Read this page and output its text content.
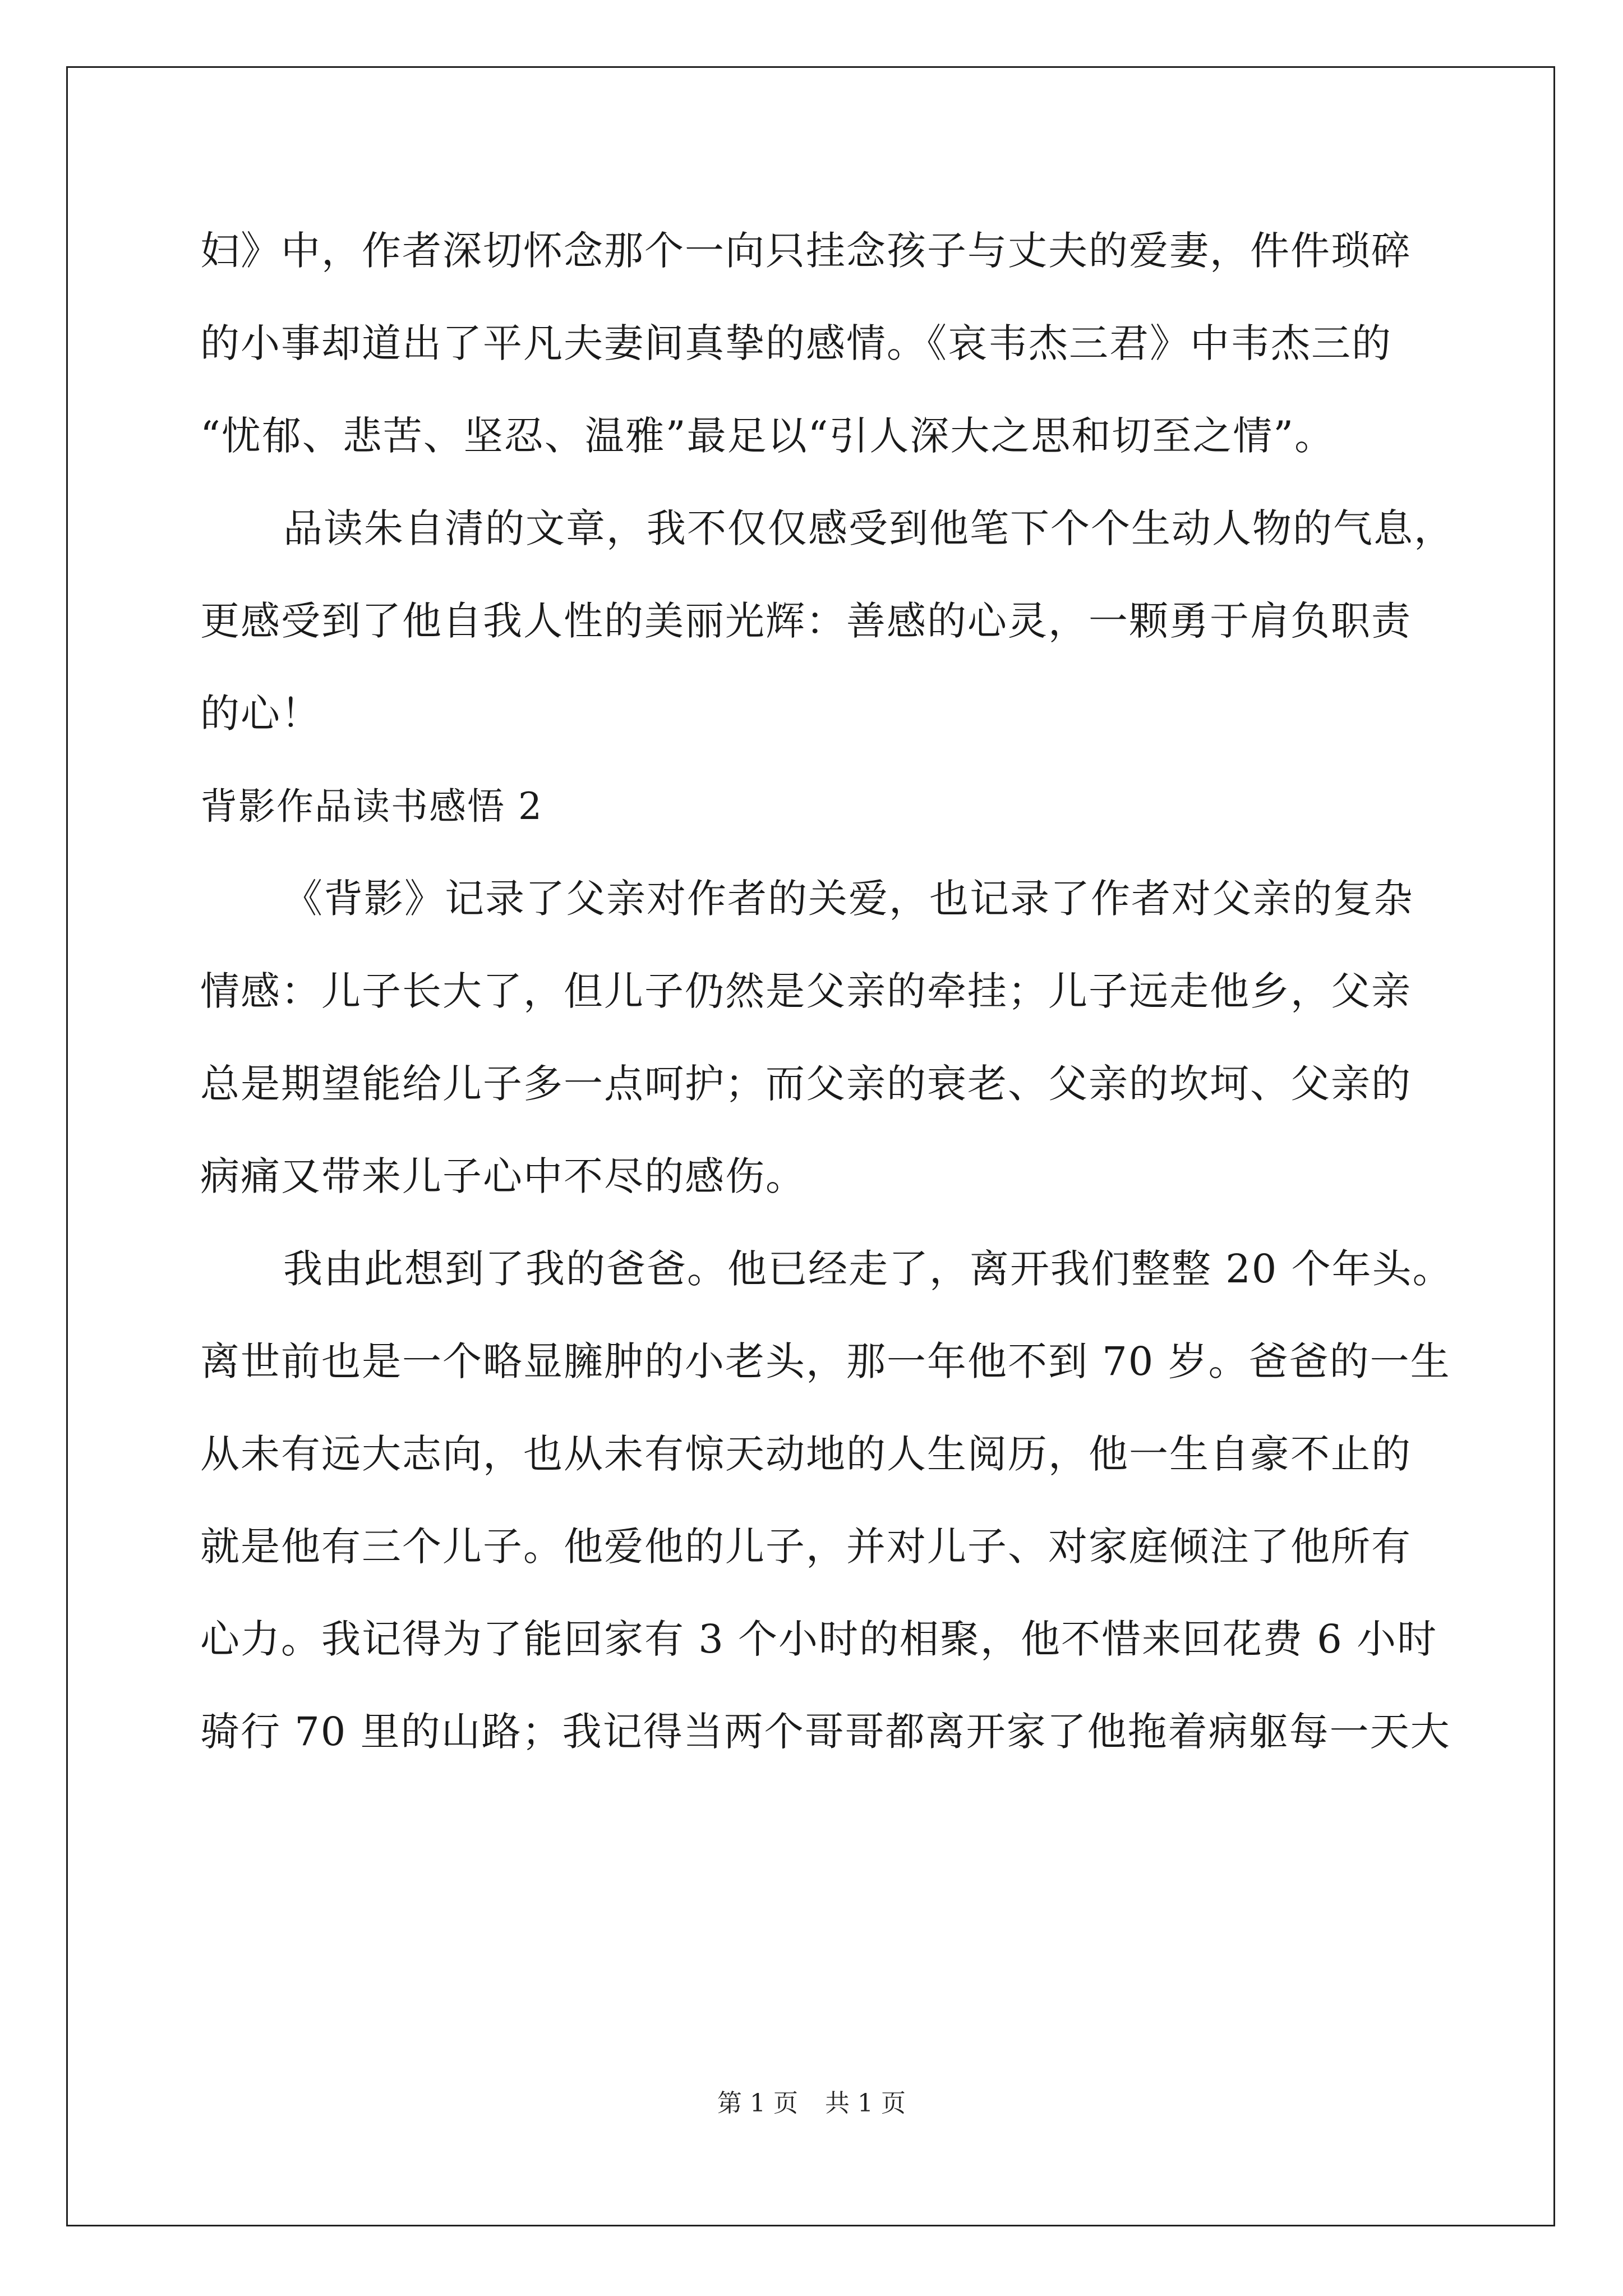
妇》中，作者深切怀念那个一向只挂念孩子与丈夫的爱妻，件件琐碎
的小事却道出了平凡夫妻间真挚的感情。《哀韦杰三君》中韦杰三的
“忧郁、悲苦、坚忍、温雅”最足以“引人深大之思和切至之情”。
品读朱自清的文章，我不仅仅感受到他笔下个个生动人物的气息，
更感受到了他自我人性的美丽光辉：善感的心灵，一颗勇于肩负职责
的心！
背影作品读书感悟 2
《背影》记录了父亲对作者的关爱，也记录了作者对父亲的复杂
情感：儿子长大了，但儿子仍然是父亲的牵挂；儿子远走他乡，父亲
总是期望能给儿子多一点呵护；而父亲的衰老、父亲的坎坷、父亲的
病痛又带来儿子心中不尽的感伤。
我由此想到了我的爸爸。他已经走了，离开我们整整 20 个年头。
离世前也是一个略显臃肿的小老头，那一年他不到 70 岁。爸爸的一生
从未有远大志向，也从未有惊天动地的人生阅历，他一生自豪不止的
就是他有三个儿子。他爱他的儿子，并对儿子、对家庭倾注了他所有
心力。我记得为了能回家有 3 个小时的相聚，他不惜来回花费 6 小时
骑行 70 里的山路；我记得当两个哥哥都离开家了他拖着病躯每一天大
第 1 页 共 1 页
